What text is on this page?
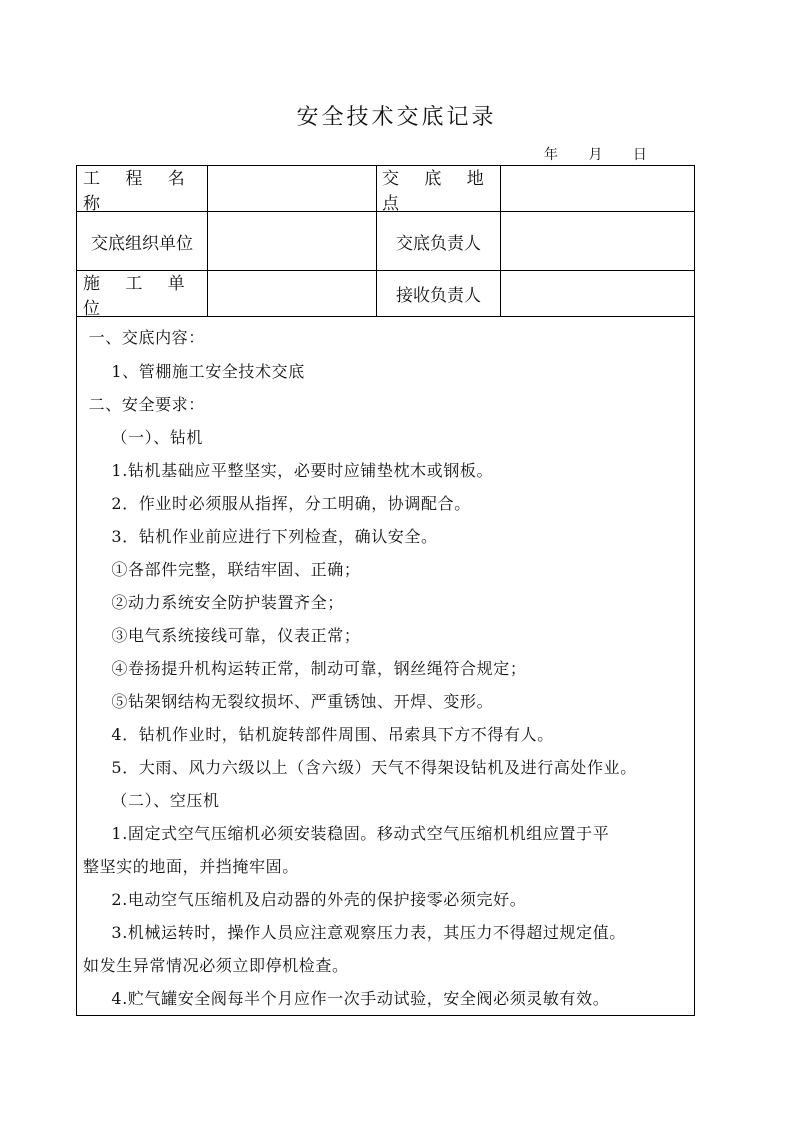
安全技术交底记录
年 月 日
工 程 名 称
交 底 地 点
交底组织单位	交底负责人
施 工 单 位
接收负责人
一、交底内容：
1、管棚施工安全技术交底
二、安全要求：
（一）、钻机
1.钻机基础应平整坚实，必要时应铺垫枕木或钢板。
2．作业时必须服从指挥，分工明确，协调配合。
3．钻机作业前应进行下列检查，确认安全。
①各部件完整，联结牢固、正确；
②动力系统安全防护装置齐全；
③电气系统接线可靠，仪表正常；
④卷扬提升机构运转正常，制动可靠，钢丝绳符合规定；
⑤钻架钢结构无裂纹损坏、严重锈蚀、开焊、变形。
4．钻机作业时，钻机旋转部件周围、吊索具下方不得有人。
5．大雨、风力六级以上（含六级）天气不得架设钻机及进行高处作业。
（二）、空压机
1.固定式空气压缩机必须安装稳固。移动式空气压缩机机组应置于平
整坚实的地面，并挡掩牢固。
2.电动空气压缩机及启动器的外壳的保护接零必须完好。
3.机械运转时，操作人员应注意观察压力表，其压力不得超过规定值。
如发生异常情况必须立即停机检查。
4.贮气罐安全阀每半个月应作一次手动试验，安全阀必须灵敏有效。
